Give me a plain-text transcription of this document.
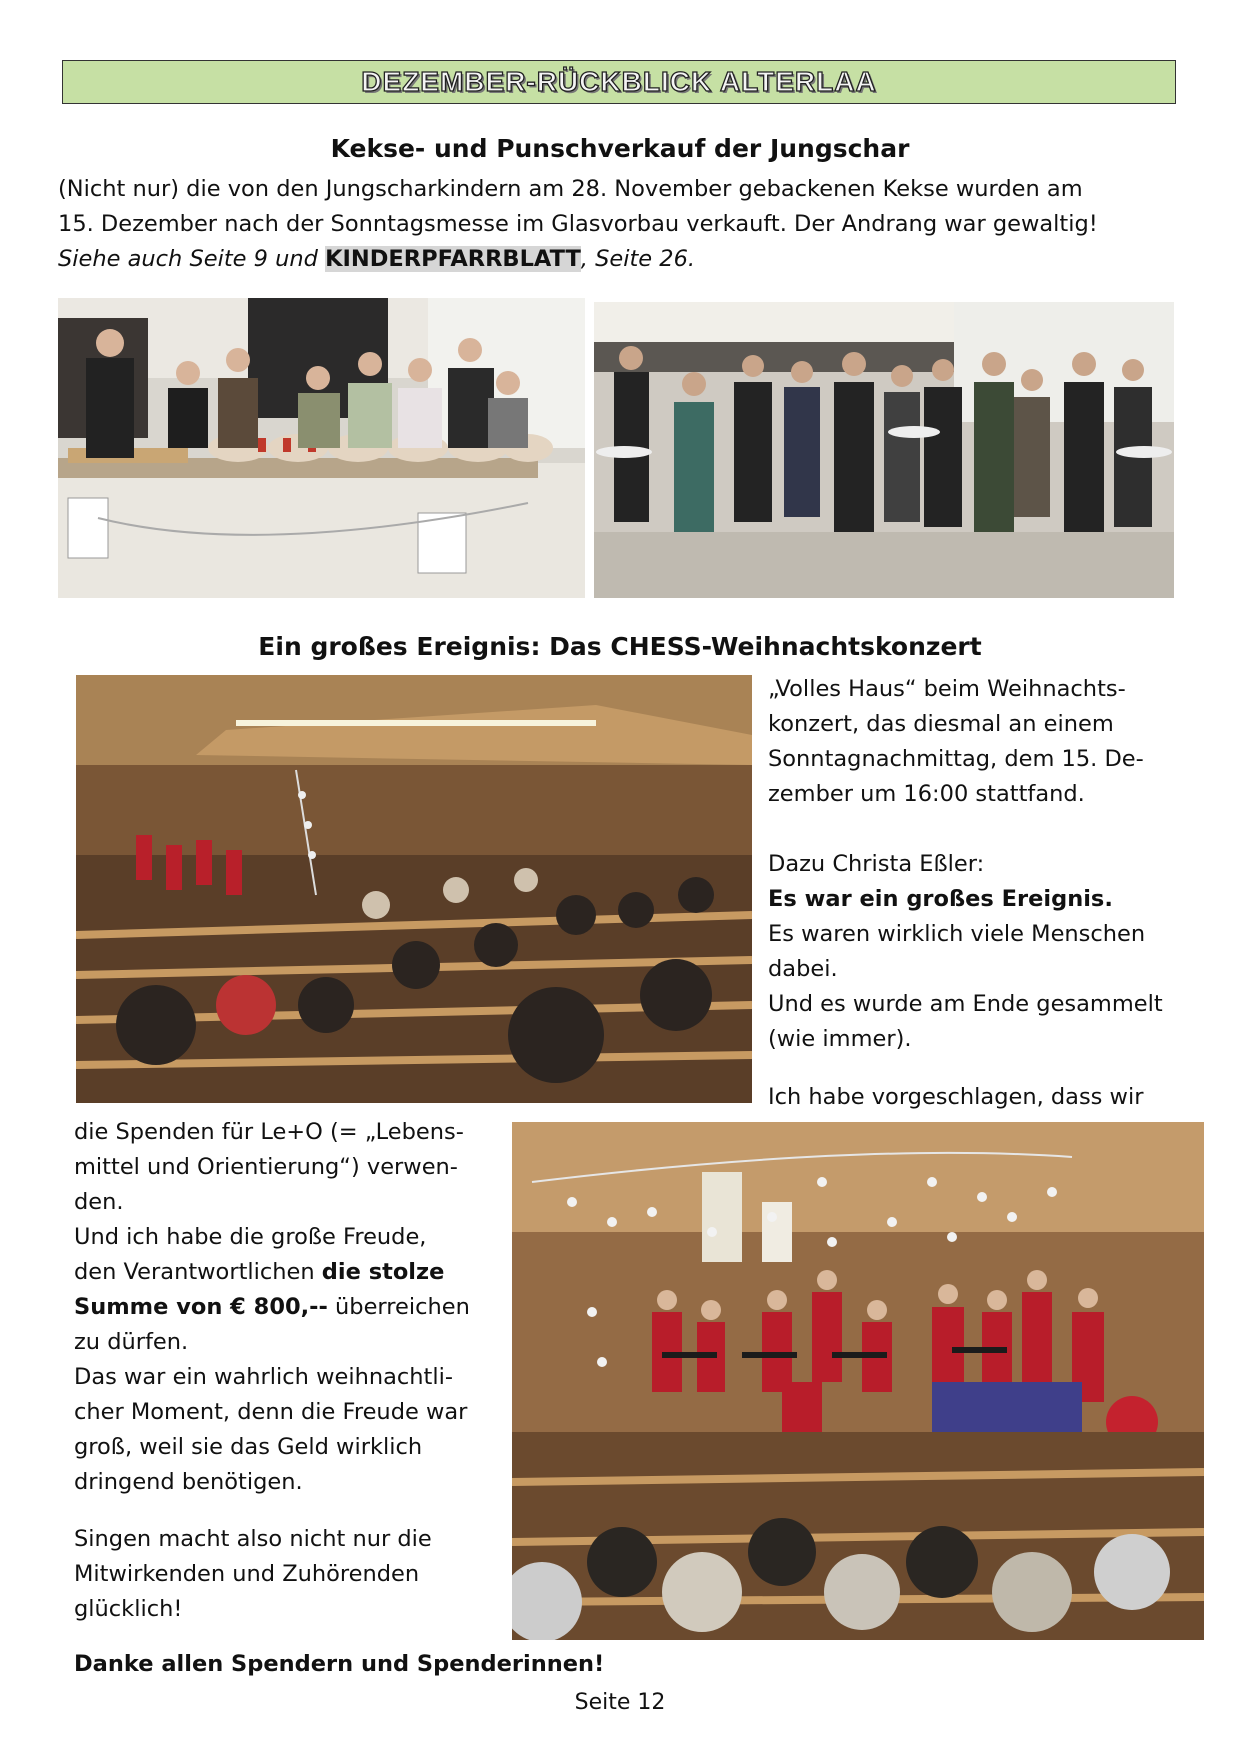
DEZEMBER-RÜCKBLICK ALTERLAA
Kekse- und Punschverkauf der Jungschar
(Nicht nur) die von den Jungscharkindern am 28. November gebackenen Kekse wurden am
15. Dezember nach der Sonntagsmesse im Glasvorbau verkauft. Der Andrang war gewaltig!
Siehe auch Seite 9 und KINDERPFARRBLATT, Seite 26.
Ein großes Ereignis: Das CHESS-Weihnachtskonzert
„Volles Haus“ beim Weihnachts-
konzert, das diesmal an einem
Sonntagnachmittag, dem 15. De-
zember um 16:00 stattfand.
Dazu Christa Eßler:
Es war ein großes Ereignis.
Es waren wirklich viele Menschen
dabei.
Und es wurde am Ende gesammelt
(wie immer).
Ich habe vorgeschlagen, dass wir
die Spenden für Le+O (= „Lebens-
mittel und Orientierung“) verwen-
den.
Und ich habe die große Freude,
den Verantwortlichen die stolze
Summe von € 800,-- überreichen
zu dürfen.
Das war ein wahrlich weihnachtli-
cher Moment, denn die Freude war
groß, weil sie das Geld wirklich
dringend benötigen.
Singen macht also nicht nur die
Mitwirkenden und Zuhörenden
glücklich!
Danke allen Spendern und Spenderinnen!
Seite 12
